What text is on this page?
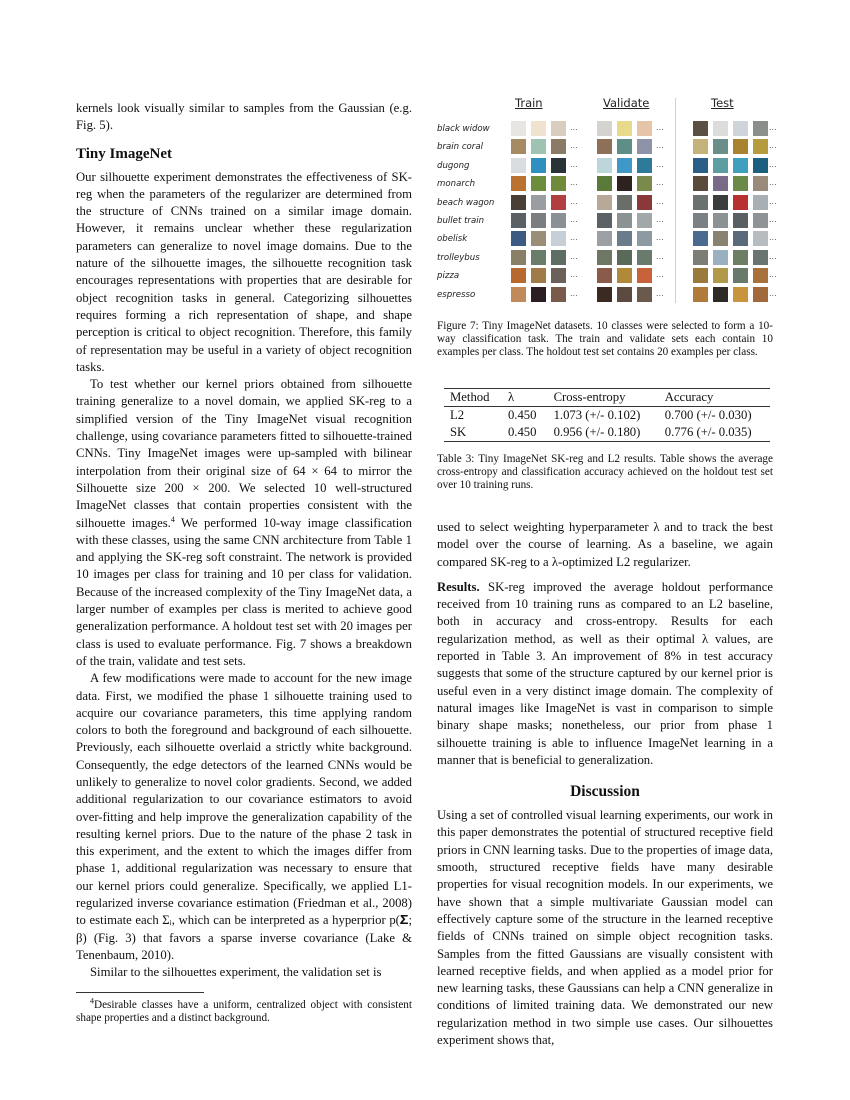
kernels look visually similar to samples from the Gaussian (e.g. Fig. 5).

Tiny ImageNet

Our silhouette experiment demonstrates the effectiveness of SK-reg when the parameters of the regularizer are determined from the structure of CNNs trained on a similar image domain. However, it remains unclear whether these regularization parameters can generalize to novel image domains. Due to the nature of the silhouette images, the silhouette recognition task encourages representations with properties that are desirable for object recognition tasks in general. Categorizing silhouettes requires forming a rich representation of shape, and shape perception is critical to object recognition. Therefore, this family of representation may be useful in a variety of object recognition tasks.

To test whether our kernel priors obtained from silhouette training generalize to a novel domain, we applied SK-reg to a simplified version of the Tiny ImageNet visual recognition challenge, using covariance parameters fitted to silhouette-trained CNNs. Tiny ImageNet images were up-sampled with bilinear interpolation from their original size of 64 × 64 to mirror the Silhouette size 200 × 200. We selected 10 well-structured ImageNet classes that contain properties consistent with the silhouette images.$^4$ We performed 10-way image classification with these classes, using the same CNN architecture from Table 1 and applying the SK-reg soft constraint. The network is provided 10 images per class for training and 10 per class for validation. Because of the increased complexity of the Tiny ImageNet data, a larger number of examples per class is merited to achieve good generalization performance. A holdout test set with 20 images per class is used to evaluate performance. Fig. 7 shows a breakdown of the train, validate and test sets.

A few modifications were made to account for the new image data. First, we modified the phase 1 silhouette training used to acquire our covariance parameters, this time applying random colors to both the foreground and background of each silhouette. Previously, each silhouette overlaid a strictly white background. Consequently, the edge detectors of the learned CNNs would be unlikely to generalize to novel color gradients. Second, we added additional regularization to our covariance estimators to avoid over-fitting and help improve the generalization capability of the resulting kernel priors. Due to the nature of the phase 2 task in this experiment, and the extent to which the images differ from phase 1, additional regularization was necessary to ensure that our kernel priors could generalize. Specifically, we applied L1-regularized inverse covariance estimation (Friedman et al., 2008) to estimate each Σᵢ, which can be interpreted as a hyperprior p(𝚺; β) (Fig. 3) that favors a sparse inverse covariance (Lake & Tenenbaum, 2010).

Similar to the silhouettes experiment, the validation set is

$^4$Desirable classes have a uniform, centralized object with consistent shape properties and a distinct background.

Train	Validate	Test
black widow	...	...	...
brain coral	...	...	...
dugong	...	...	...
monarch	...	...	...
beach wagon	...	...	...
bullet train	...	...	...
obelisk	...	...	...
trolleybus	...	...	...
pizza	...	...	...
espresso	...	...	...

Figure 7: Tiny ImageNet datasets. 10 classes were selected to form a 10-way classification task. The train and validate sets each contain 10 examples per class. The holdout test set contains 20 examples per class.

Method	λ	Cross-entropy	Accuracy
L2	0.450	1.073 (+/- 0.102)	0.700 (+/- 0.030)
SK	0.450	0.956 (+/- 0.180)	0.776 (+/- 0.035)

Table 3: Tiny ImageNet SK-reg and L2 results. Table shows the average cross-entropy and classification accuracy achieved on the holdout test set over 10 training runs.

used to select weighting hyperparameter λ and to track the best model over the course of learning. As a baseline, we again compared SK-reg to a λ-optimized L2 regularizer.

Results. SK-reg improved the average holdout performance received from 10 training runs as compared to an L2 baseline, both in accuracy and cross-entropy. Results for each regularization method, as well as their optimal λ values, are reported in Table 3. An improvement of 8% in test accuracy suggests that some of the structure captured by our kernel prior is useful even in a very distinct image domain. The complexity of natural images like ImageNet is vast in comparison to simple binary shape masks; nonetheless, our prior from phase 1 silhouette training is able to influence ImageNet learning in a manner that is beneficial to generalization.

Discussion

Using a set of controlled visual learning experiments, our work in this paper demonstrates the potential of structured receptive field priors in CNN learning tasks. Due to the properties of image data, smooth, structured receptive fields have many desirable properties for visual recognition models. In our experiments, we have shown that a simple multivariate Gaussian model can effectively capture some of the structure in the learned receptive fields of CNNs trained on simple object recognition tasks. Samples from the fitted Gaussians are visually consistent with learned receptive fields, and when applied as a model prior for new learning tasks, these Gaussians can help a CNN generalize in conditions of limited training data. We demonstrated our new regularization method in two simple use cases. Our silhouettes experiment shows that,
